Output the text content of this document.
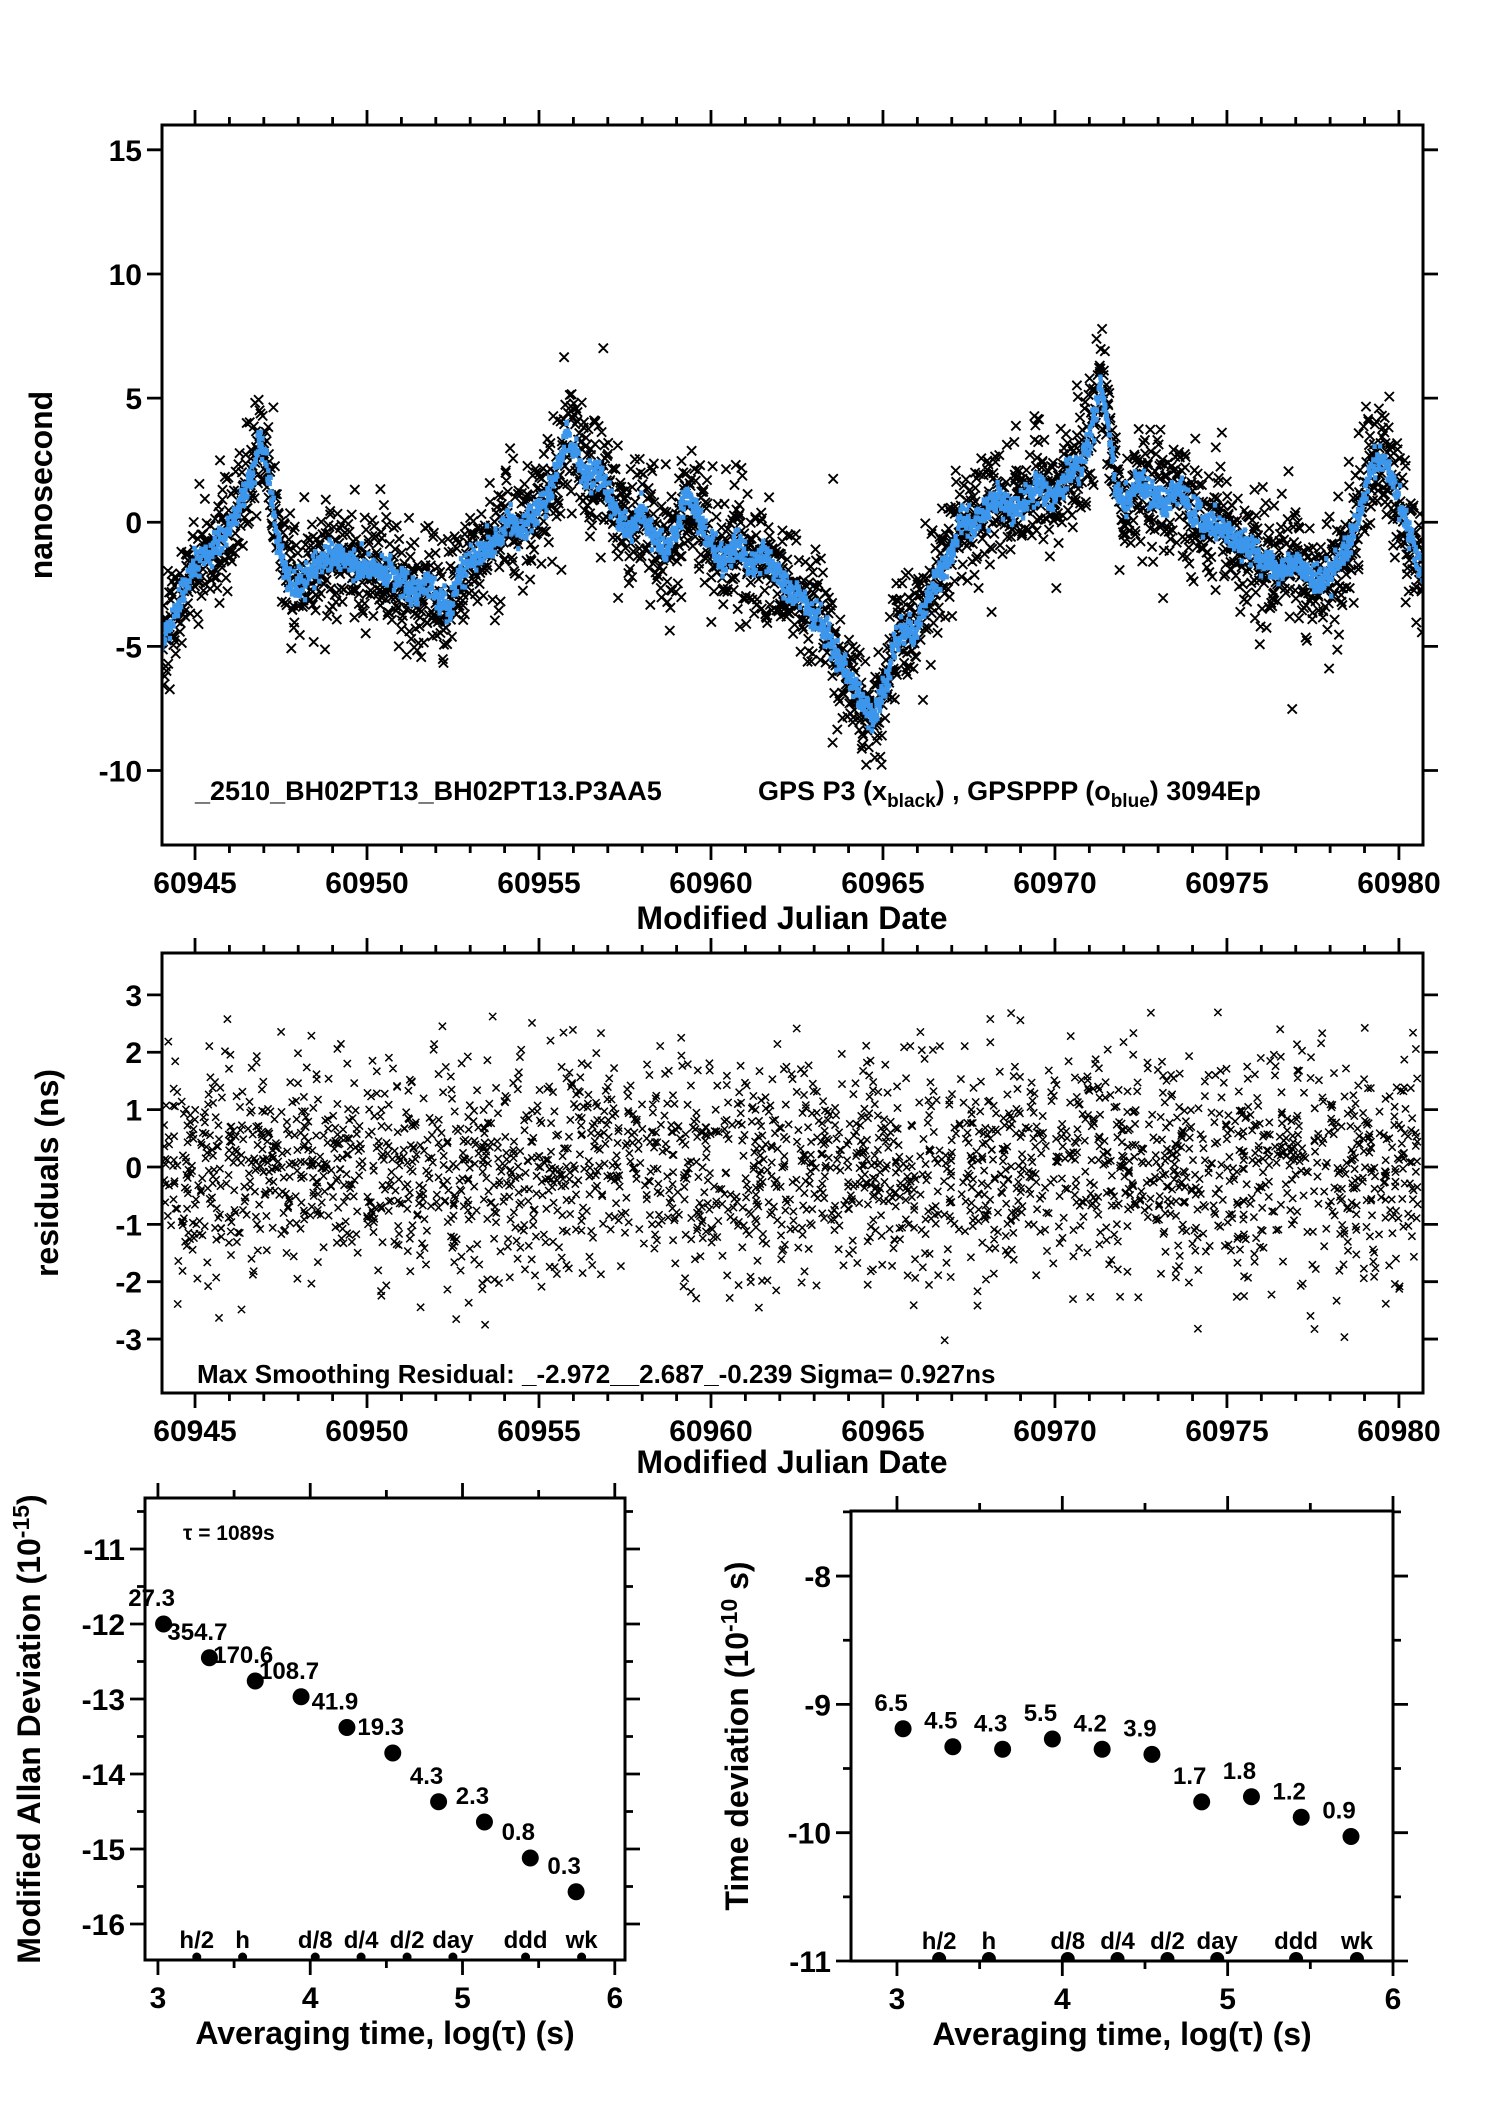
60945	60950	60955	60960	60965	60970	60975	60980
-10
-5
0
5
10
15
GPS P3 $(x_{black})$ , GPSPPP $(o_{blue})$ 3094Ep
60945	60950	60955	60960	60965	60970	60975	60980
-3
-2
-1
0
1
2
3
3	4	5	6
-16
-15
-14
-13
-12
-11
h/2 h d/8 d/4 d/2 day ddd wk
27.3
354.7
170.6
108.7
41.9
19.3
4.3
2.3
0.8
0.3
Modified Allan Deviation $(10^{-15})$
3	4	5	6
-11
-10
-9
-8
h/2 h d/8 d/4 d/2 day ddd wk
6.5
4.5 4.3 5.5 4.2 3.9
1.7 1.8
1.2
0.9
Time deviation ($10^{-10}$ s)
Modified Julian Date
nanosecond
Modified Julian Date
residuals (ns)
Averaging time, log(τ) (s)	Averaging time, log(τ) (s)
_2510_BH02PT13_BH02PT13.P3AA5
Max Smoothing Residual: _-2.972__2.687_-0.239 Sigma= 0.927ns
τ = 1089s
